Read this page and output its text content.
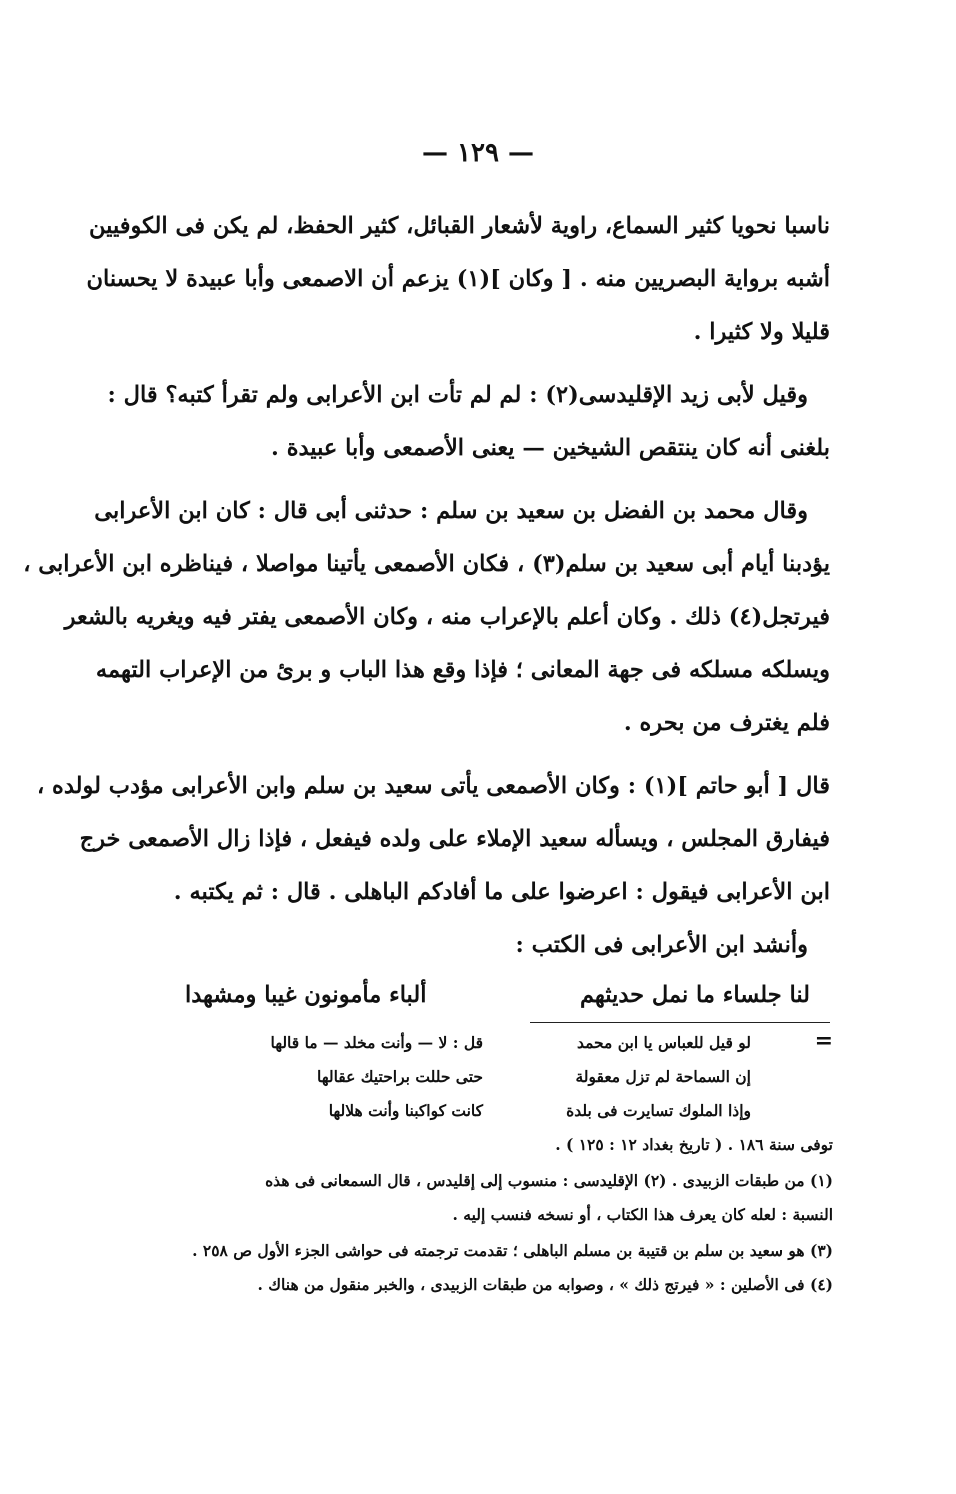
— ١٢٩ —
ناسبا نحويا كثير السماع، راوية لأشعار القبائل، كثير الحفظ، لم يكن فى الكوفيين
أشبه برواية البصريين منه . [ وكان ](١) يزعم أن الاصمعى وأبا عبيدة لا يحسنان
قليلا ولا كثيرا .
وقيل لأبى زيد الإقليدسى(٢) : لم لم تأت ابن الأعرابى ولم تقرأ كتبه؟ قال :
بلغنى أنه كان ينتقص الشيخين — يعنى الأصمعى وأبا عبيدة .
وقال محمد بن الفضل بن سعيد بن سلم : حدثنى أبى قال : كان ابن الأعرابى
يؤدبنا أيام أبى سعيد بن سلم(٣) ، فكان الأصمعى يأتينا مواصلا ، فيناظره ابن الأعرابى ،
فيرتجل(٤) ذلك . وكان أعلم بالإعراب منه ، وكان الأصمعى يفتر فيه ويغريه بالشعر
ويسلكه مسلكه فى جهة المعانى ؛ فإذا وقع هذا الباب و برئ من الإعراب التهمه
فلم يغترف من بحره .
قال [ أبو حاتم ](١) : وكان الأصمعى يأتى سعيد بن سلم وابن الأعرابى مؤدب لولده ،
فيفارق المجلس ، ويسأله سعيد الإملاء على ولده فيفعل ، فإذا زال الأصمعى خرج
ابن الأعرابى فيقول : اعرضوا على ما أفادكم الباهلى . قال : ثم يكتبه .
وأنشد ابن الأعرابى فى الكتب :
لنا جلساء ما نمل حديثهم
ألباء مأمونون غيبا ومشهدا
=
لو قيل للعباس يا ابن محمد
قل : لا — وأنت مخلد — ما قالها
إن السماحة لم تزل معقولة
حتى حللت براحتيك عقالها
وإذا الملوك تسايرت فى بلدة
كانت كواكبنا وأنت هلالها
توفى سنة ١٨٦ . ( تاريخ بغداد ١٢ : ١٢٥ ) .
(١) من طبقات الزبيدى . (٢) الإقليدسى : منسوب إلى إقليدس ، قال السمعانى فى هذه
النسبة : لعله كان يعرف هذا الكتاب ، أو نسخه فنسب إليه .
(٣) هو سعيد بن سلم بن قتيبة بن مسلم الباهلى ؛ تقدمت ترجمته فى حواشى الجزء الأول ص ٢٥٨ .
(٤) فى الأصلين : « فيرتج ذلك » ، وصوابه من طبقات الزبيدى ، والخبر منقول من هناك .
